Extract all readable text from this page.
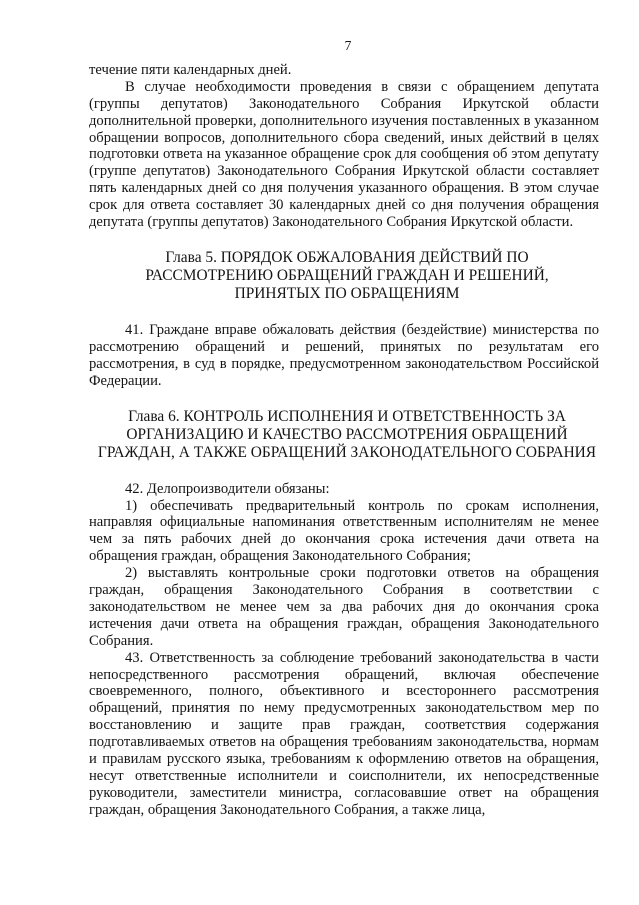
7

течение пяти календарных дней.

В случае необходимости проведения в связи с обращением депутата (группы депутатов) Законодательного Собрания Иркутской области дополнительной проверки, дополнительного изучения поставленных в указанном обращении вопросов, дополнительного сбора сведений, иных действий в целях подготовки ответа на указанное обращение срок для сообщения об этом депутату (группе депутатов) Законодательного Собрания Иркутской области составляет пять календарных дней со дня получения указанного обращения. В этом случае срок для ответа составляет 30 календарных дней со дня получения обращения депутата (группы депутатов) Законодательного Собрания Иркутской области.

Глава 5. ПОРЯДОК ОБЖАЛОВАНИЯ ДЕЙСТВИЙ ПО
РАССМОТРЕНИЮ ОБРАЩЕНИЙ ГРАЖДАН И РЕШЕНИЙ,
ПРИНЯТЫХ ПО ОБРАЩЕНИЯМ

41. Граждане вправе обжаловать действия (бездействие) министерства по рассмотрению обращений и решений, принятых по результатам его рассмотрения, в суд в порядке, предусмотренном законодательством Российской Федерации.

Глава 6. КОНТРОЛЬ ИСПОЛНЕНИЯ И ОТВЕТСТВЕННОСТЬ ЗА
ОРГАНИЗАЦИЮ И КАЧЕСТВО РАССМОТРЕНИЯ ОБРАЩЕНИЙ
ГРАЖДАН, А ТАКЖЕ ОБРАЩЕНИЙ ЗАКОНОДАТЕЛЬНОГО СОБРАНИЯ

42. Делопроизводители обязаны:

1) обеспечивать предварительный контроль по срокам исполнения, направляя официальные напоминания ответственным исполнителям не менее чем за пять рабочих дней до окончания срока истечения дачи ответа на обращения граждан, обращения Законодательного Собрания;

2) выставлять контрольные сроки подготовки ответов на обращения граждан, обращения Законодательного Собрания в соответствии с законодательством не менее чем за два рабочих дня до окончания срока истечения дачи ответа на обращения граждан, обращения Законодательного Собрания.

43. Ответственность за соблюдение требований законодательства в части непосредственного рассмотрения обращений, включая обеспечение своевременного, полного, объективного и всестороннего рассмотрения обращений, принятия по нему предусмотренных законодательством мер по восстановлению и защите прав граждан, соответствия содержания подготавливаемых ответов на обращения требованиям законодательства, нормам и правилам русского языка, требованиям к оформлению ответов на обращения, несут ответственные исполнители и соисполнители, их непосредственные руководители, заместители министра, согласовавшие ответ на обращения граждан, обращения Законодательного Собрания, а также лица,
